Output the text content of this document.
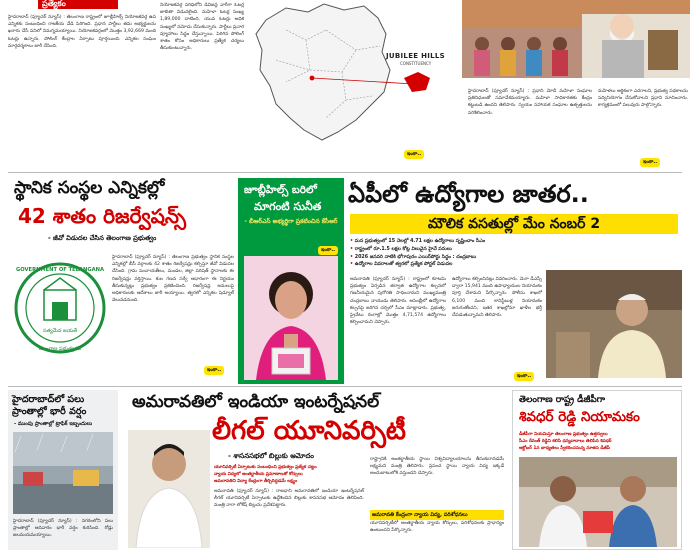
ప్రత్యేకం
హైదరాబాద్ (ఫ్యూచర్ న్యూస్) : తెలంగాణ రాష్ట్రంలో జూబ్లీహిల్స్ నియోజకవర్గ ఉప ఎన్నికకు సంబంధించి రాజకీయ వేడి పెరిగింది. ప్రధాన పార్టీలు తమ అభ్యర్థులను ఖరారు చేసే పనిలో నిమగ్నమయ్యాయి. నియోజకవర్గంలో మొత్తం 3,92,669 మంది ఓటర్లు ఉన్నారు. పోలింగ్ కేంద్రాల ఏర్పాటు పూర్తయింది. ఎన్నికల సంఘం మార్గదర్శకాలు జారీ చేసింది.
నియోజకవర్గ పరిధిలోని డివిజన్ల వారీగా ఓటర్ల జాబితా విడుదలైంది. మహిళా ఓటర్ల సంఖ్య 1,89,000 దాటింది. యువ ఓటర్లు అధిక సంఖ్యలో నమోదు చేసుకున్నారు. పార్టీలు ప్రచార వ్యూహాలు సిద్ధం చేస్తున్నాయి. పెరిగిన పోలింగ్ శాతం కోసం అధికారులు ప్రత్యేక చర్యలు తీసుకుంటున్నారు.
JUBILEE HILLS
CONSTITUENCY
హైదరాబాద్ (ఫ్యూచర్ న్యూస్) : ప్రధాని మోదీ మహిళా సంఘాల ప్రతినిధులతో సమావేశమయ్యారు. మహిళా సాధికారతకు కేంద్రం కట్టుబడి ఉందని తెలిపారు. స్వయం సహాయక సంఘాల ఉత్పత్తులను పరిశీలించారు.
మహిళలు ఆర్థికంగా ఎదగాలని, ప్రభుత్వ పథకాలను సద్వినియోగం చేసుకోవాలని ప్రధాని సూచించారు. కార్యక్రమంలో పలువురు పాల్గొన్నారు.
ఇంకా..
ఇంకా..
స్థానిక సంస్థల ఎన్నికల్లో
42 శాతం రిజర్వేషన్స్
- జీవో విడుదల చేసిన తెలంగాణ ప్రభుత్వం
సత్యమేవ జయతే
GOVERNMENT OF TELANGANA
తెలంగాణ ప్రభుత్వము
హైదరాబాద్ (ఫ్యూచర్ న్యూస్) : తెలంగాణ ప్రభుత్వం స్థానిక సంస్థల ఎన్నికల్లో బీసీ వర్గాలకు 42 శాతం రిజర్వేషన్లు కల్పిస్తూ జీవో విడుదల చేసింది. గ్రామ పంచాయతీలు, మండల, జిల్లా పరిషత్ స్థానాలకు ఈ రిజర్వేషన్లు వర్తిస్తాయి. కుల గణన సర్వే ఆధారంగా ఈ నిర్ణయం తీసుకున్నట్లు ప్రభుత్వం ప్రకటించింది. రిజర్వేషన్ల అమలుపై అధికారులకు ఆదేశాలు జారీ అయ్యాయి. త్వరలో ఎన్నికల షెడ్యూల్ వెలువడనుంది.
ఇంకా..
జూబ్లీహిల్స్ బరిలో
మాగంటి సునీత
- బీఆర్ఎస్ అభ్యర్థిగా ప్రకటించిన కేసీఆర్
ఇంకా..
ఏపీలో ఉద్యోగాల జాతర..
మౌలిక వసతుల్లో మేం నంబర్ 2
• మన ప్రభుత్వంలో 15 నెలల్లో 4.71 లక్షల ఉద్యోగాలు సృష్టించాం సీఎం
• రాష్ట్రంలో రూ.1.5 లక్షల కోట్ల విలువైన హైవే పనులు
• 2026 జనవరి నాటికి భోగాపురం ఎయిర్‌పోర్టు సిద్ధం : చంద్రబాబు
• ఉద్యోగాల వివరాలతో త్వరలో ప్రత్యేక పోర్టల్ విడుదల
అమరావతి (ఫ్యూచర్ న్యూస్) : రాష్ట్రంలో కూటమి ప్రభుత్వం ఏర్పడిన తర్వాత ఉద్యోగాల కల్పనలో గణనీయమైన పురోగతి సాధించామని ముఖ్యమంత్రి చంద్రబాబు నాయుడు తెలిపారు. అసెంబ్లీలో ఉద్యోగాల కల్పనపై జరిగిన చర్చలో సీఎం మాట్లాడారు. ప్రభుత్వ, ప్రైవేటు రంగాల్లో మొత్తం 4,71,574 ఉద్యోగాలు కల్పించామని చెప్పారు.
ఉద్యోగాలు కల్పించినట్లు వివరించారు. మెగా డీఎస్సీ ద్వారా 15,941 మంది ఉపాధ్యాయుల నియామకం పూర్తి చేశామని పేర్కొన్నారు. పోలీసు శాఖలో 6,100 మంది కానిస్టేబుళ్ల నియామకం జరుగుతోందని, ఇతర శాఖల్లోనూ ఖాళీల భర్తీ చేపడుతున్నామని తెలిపారు.
ఇంకా..
హైదరాబాద్‌లో పలు ప్రాంతాల్లో భారీ వర్షం
- ముంపు ప్రాంతాల్లో ట్రాఫిక్ ఇబ్బందులు
హైదరాబాద్ (ఫ్యూచర్ న్యూస్) : నగరంలోని పలు ప్రాంతాల్లో ఆదివారం భారీ వర్షం కురిసింది. రోడ్లు జలమయమయ్యాయి.
అమరావతిలో ఇండియా ఇంటర్నేషనల్
లీగల్ యూనివర్సిటీ
- శాసనసభలో బిల్లుకు ఆమోదం
యూనివర్సిటీ ఏర్పాటుకు సంబంధించి ప్రభుత్వం ప్రత్యేక చట్టం
న్యాయ విద్యలో అంతర్జాతీయ ప్రమాణాలతో కోర్సులు
అమరావతిని విద్యా కేంద్రంగా తీర్చిదిద్దడమే లక్ష్యం
అమరావతి (ఫ్యూచర్ న్యూస్) : రాజధాని అమరావతిలో ఇండియా ఇంటర్నేషనల్ లీగల్ యూనివర్సిటీ ఏర్పాటుకు ఉద్దేశించిన బిల్లుకు శాసనసభ ఆమోదం తెలిపింది. మంత్రి నారా లోకేష్ బిల్లును ప్రవేశపెట్టారు.
రాష్ట్రానికి అంతర్జాతీయ స్థాయి విశ్వవిద్యాలయాలను తీసుకురావడమే లక్ష్యమని మంత్రి తెలిపారు. ప్రపంచ స్థాయి న్యాయ విద్య ఇక్కడే అందుబాటులోకి వస్తుందని చెప్పారు.
అమరావతి కేంద్రంగా న్యాయ విద్య, పరిశోధనలు
యూనివర్సిటీలో అంతర్జాతీయ న్యాయ కోర్సులు, పరిశోధనలకు ప్రాధాన్యం ఉంటుందని పేర్కొన్నారు.
తెలంగాణ రాష్ట్ర డీజీపీగా
శివధర్ రెడ్డి నియామకం
డీజీపీగా నియమిస్తూ తెలంగాణ ప్రభుత్వం ఉత్తర్వులు
సీఎం రేవంత్ రెడ్డిని కలిసి ధన్యవాదాలు తెలిపిన శివధర్
అక్టోబర్ 1న బాధ్యతలు స్వీకరించనున్న నూతన డీజీపీ
